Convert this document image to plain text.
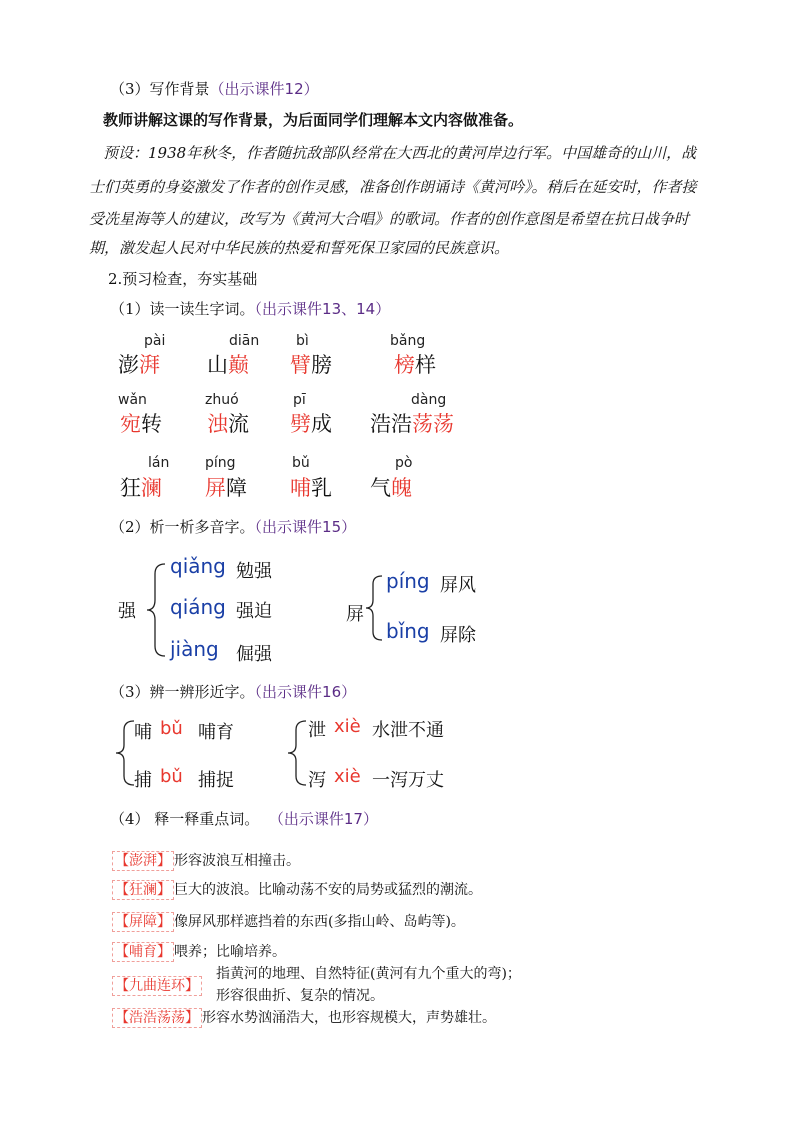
（3）写作背景（出示课件12）
教师讲解这课的写作背景，为后面同学们理解本文内容做准备。
预设：1938年秋冬，作者随抗敌部队经常在大西北的黄河岸边行军。中国雄奇的山川，战
士们英勇的身姿激发了作者的创作灵感，准备创作朗诵诗《黄河吟》。稍后在延安时，作者接
受冼星海等人的建议，改写为《黄河大合唱》的歌词。作者的创作意图是希望在抗日战争时
期，激发起人民对中华民族的热爱和誓死保卫家园的民族意识。
2.预习检查，夯实基础
（1）读一读生字词。（出示课件13、14）
pài
澎湃
diān
山巅
bì
臂膀
bǎng
榜样
wǎn
宛转
zhuó
浊流
pī
劈成
dàng
浩浩荡荡
lán
狂澜
píng
屏障
bǔ
哺乳
pò
气魄
（2）析一析多音字。（出示课件15）
强
qiǎng 勉强
qiáng 强迫
jiàng 倔强
屏
píng 屏风
bǐng 屏除
（3）辨一辨形近字。（出示课件16）
哺 bǔ 哺育
捕 bǔ 捕捉
泄 xiè 水泄不通
泻 xiè 一泻万丈
（4） 释一释重点词。 （出示课件17）
【澎湃】 形容波浪互相撞击。
【狂澜】 巨大的波浪。比喻动荡不安的局势或猛烈的潮流。
【屏障】 像屏风那样遮挡着的东西(多指山岭、岛屿等)。
【哺育】 喂养；比喻培养。
【九曲连环】
指黄河的地理、自然特征(黄河有九个重大的弯)；
形容很曲折、复杂的情况。
【浩浩荡荡】 形容水势汹涌浩大，也形容规模大，声势雄壮。
